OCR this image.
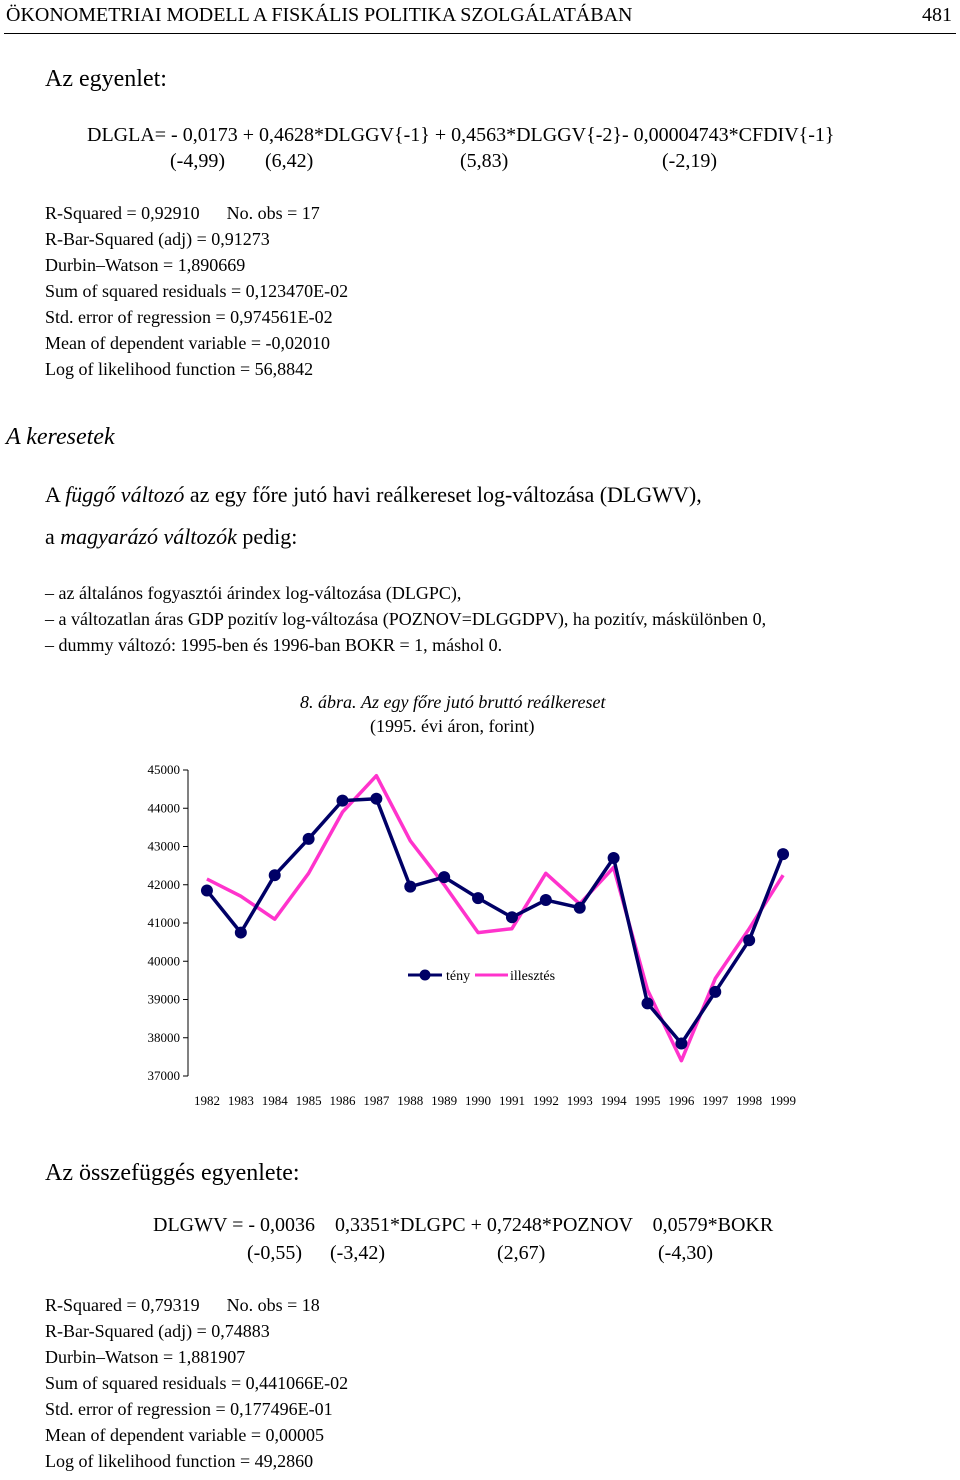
ÖKONOMETRIAI MODELL A FISKÁLIS POLITIKA SZOLGÁLATÁBAN	481
Az egyenlet:
DLGLA= - 0,0173 + 0,4628*DLGGV{-1} + 0,4563*DLGGV{-2}- 0,00004743*CFDIV{-1}
(-4,99) (6,42)	(5,83)	(-2,19)
R-Squared = 0,92910      No. obs = 17
R-Bar-Squared (adj) = 0,91273
Durbin–Watson = 1,890669
Sum of squared residuals = 0,123470E-02
Std. error of regression = 0,974561E-02
Mean of dependent variable = -0,02010
Log of likelihood function = 56,8842
A keresetek
A függő változó az egy főre jutó havi reálkereset log-változása (DLGWV),
a magyarázó változók pedig:
– az általános fogyasztói árindex log-változása (DLGPC),
– a változatlan áras GDP pozitív log-változása (POZNOV=DLGGDPV), ha pozitív, máskülönben 0,
– dummy változó: 1995-ben és 1996-ban BOKR = 1, máshol 0.
8. ábra. Az egy főre jutó bruttó reálkereset
(1995. évi áron, forint)
45000
44000
43000
42000
41000
40000
39000
38000
37000
1982 1983 1984 1985 1986 1987 1988 1989 1990 1991 1992 1993 1994 1995 1996 1997 1998 1999
tény	illesztés
Az összefüggés egyenlete:
DLGWV = - 0,0036    0,3351*DLGPC + 0,7248*POZNOV    0,0579*BOKR
(-0,55) (-3,42)	(2,67)	(-4,30)
R-Squared = 0,79319      No. obs = 18
R-Bar-Squared (adj) = 0,74883
Durbin–Watson = 1,881907
Sum of squared residuals = 0,441066E-02
Std. error of regression = 0,177496E-01
Mean of dependent variable = 0,00005
Log of likelihood function = 49,2860
